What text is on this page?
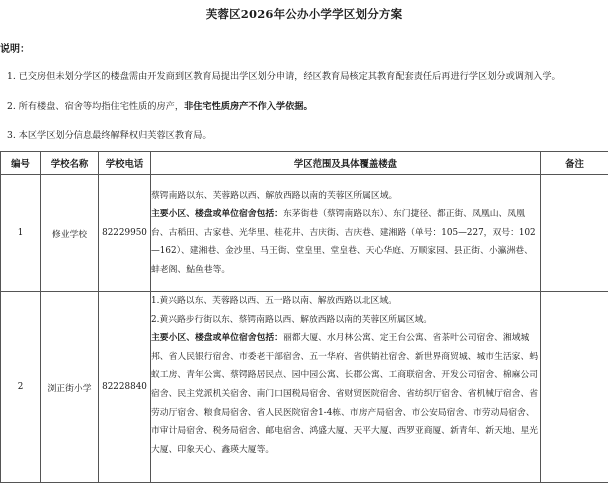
芙蓉区2026年公办小学学区划分方案
说明：
1. 已交房但未划分学区的楼盘需由开发商到区教育局提出学区划分申请，经区教育局核定其教育配套责任后再进行学区划分或调剂入学。
2. 所有楼盘、宿舍等均指住宅性质的房产，非住宅性质房产不作入学依据。
3. 本区学区划分信息最终解释权归芙蓉区教育局。
编号	学校名称	学校电话	学区范围及具体覆盖楼盘	备注
1	修业学校	82229950	蔡锷南路以东、芙蓉路以西、解放西路以南的芙蓉区所属区域。
主要小区、楼盘或单位宿舍包括：东茅街巷（蔡锷南路以东）、东门捷径、都正街、凤凰山、凤凰台、古稻田、古家巷、光华里、桂花井、吉庆街、吉庆巷、建湘路（单号：105—227，双号：102—162）、建湘巷、金沙里、马王街、堂皇里、堂皇巷、天心华庭、万顺家园、县正街、小瀛洲巷、蚌老阁、鮎鱼巷等。	

2	浏正街小学	82228840	1.黄兴路以东、芙蓉路以西、五一路以南、解放西路以北区域。
2.黄兴路步行街以东、蔡锷南路以西、解放西路以南的芙蓉区所属区域。
主要小区、楼盘或单位宿舍包括：丽都大厦、水月林公寓、定王台公寓、省茶叶公司宿舍、湘域城邦、省人民银行宿舍、市委老干部宿舍、五一华府、省供销社宿舍、新世界商贸城、城市生活家、蚂蚁工房、青年公寓、蔡锷路居民点、园中园公寓、长郡公寓、工商联宿舍、开发公司宿舍、棉麻公司宿舍、民主党派机关宿舍、南门口国税局宿舍、省财贸医院宿舍、省纺织厅宿舍、省机械厅宿舍、省劳动厅宿舍、粮食局宿舍、省人民医院宿舍1-4栋、市房产局宿舍、市公安局宿舍、市劳动局宿舍、市审计局宿舍、税务局宿舍、邮电宿舍、鸿盛大厦、天平大厦、西罗亚商厦、新青年、新天地、星光大厦、印象天心、鑫瑛大厦等。	
